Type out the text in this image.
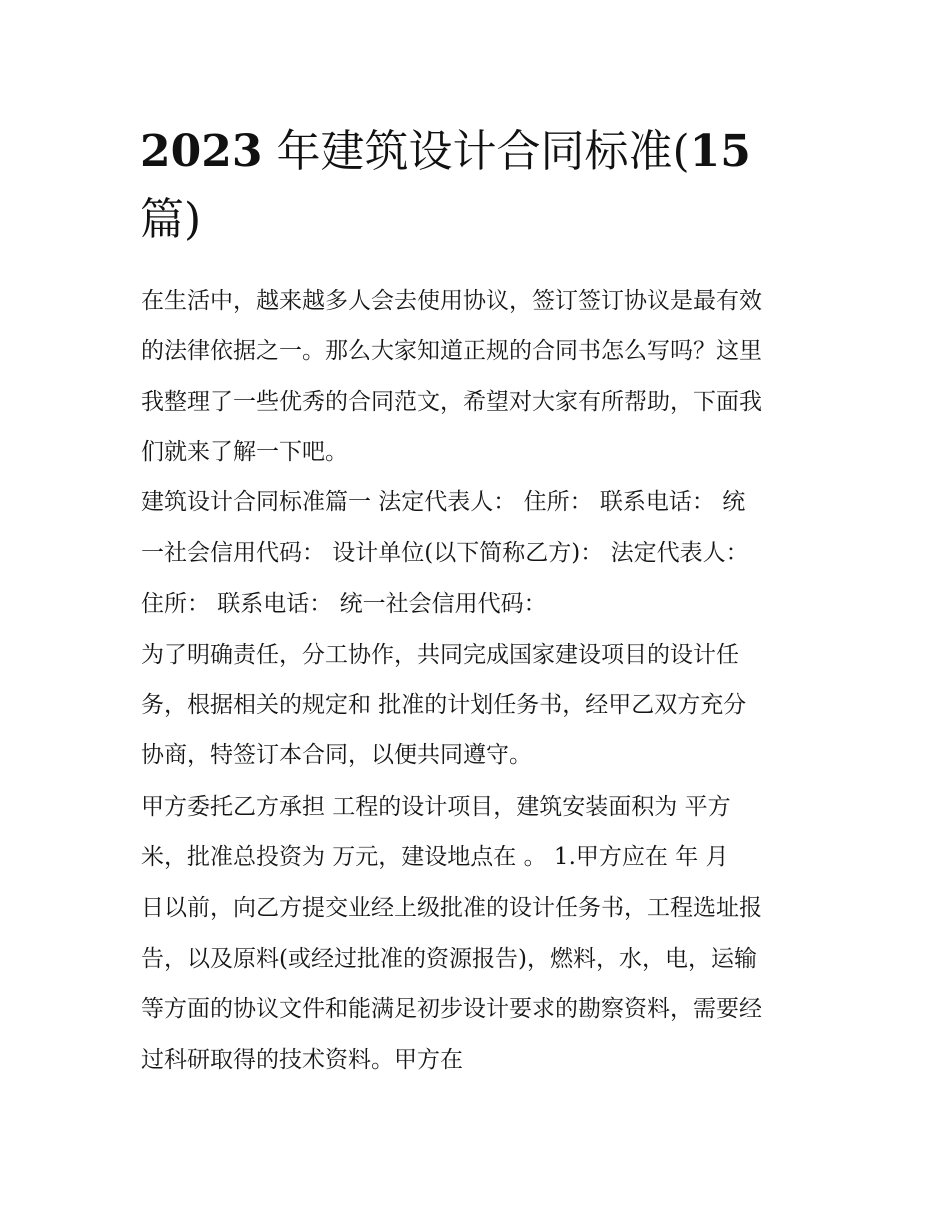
2023 年建筑设计合同标准(15
篇)

在生活中，越来越多人会去使用协议，签订签订协议是最有效

的法律依据之一。那么大家知道正规的合同书怎么写吗？这里

我整理了一些优秀的合同范文，希望对大家有所帮助，下面我

们就来了解一下吧。

建筑设计合同标准篇一 法定代表人： 住所： 联系电话： 统

一社会信用代码： 设计单位(以下简称乙方)： 法定代表人：

住所： 联系电话： 统一社会信用代码：

为了明确责任，分工协作，共同完成国家建设项目的设计任

务，根据相关的规定和 批准的计划任务书，经甲乙双方充分

协商，特签订本合同，以便共同遵守。

甲方委托乙方承担 工程的设计项目，建筑安装面积为 平方

米，批准总投资为 万元，建设地点在 。 1.甲方应在 年 月

日以前，向乙方提交业经上级批准的设计任务书，工程选址报

告，以及原料(或经过批准的资源报告)，燃料，水，电，运输

等方面的协议文件和能满足初步设计要求的勘察资料，需要经

过科研取得的技术资料。甲方在
